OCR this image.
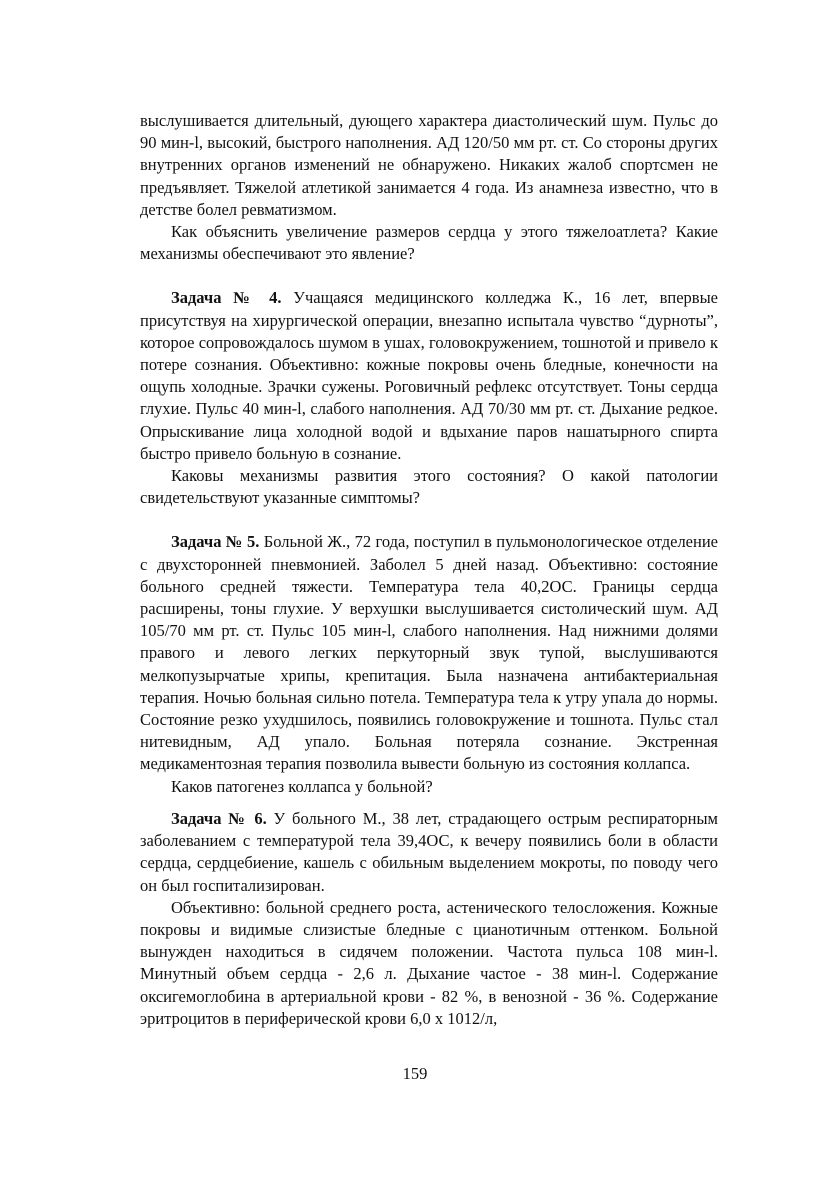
выслушивается длительный, дующего характера диастолический шум. Пульс до 90 мин-l, высокий, быстрого наполнения. АД 120/50 мм рт. ст. Со стороны других внутренних органов изменений не обнаружено. Никаких жалоб спортсмен не предъявляет. Тяжелой атлетикой занимается 4 года. Из анамнеза известно, что в детстве болел ревматизмом.

Как объяснить увеличение размеров сердца у этого тяжелоатлета? Какие механизмы обеспечивают это явление?

Задача № 4. Учащаяся медицинского колледжа К., 16 лет, впервые присутствуя на хирургической операции, внезапно испытала чувство “дурноты”, которое сопровождалось шумом в ушах, головокружением, тошнотой и привело к потере сознания. Объективно: кожные покровы очень бледные, конечности на ощупь холодные. Зрачки сужены. Роговичный рефлекс отсутствует. Тоны сердца глухие. Пульс 40 мин-l, слабого наполнения. АД 70/30 мм рт. ст. Дыхание редкое. Опрыскивание лица холодной водой и вдыхание паров нашатырного спирта быстро привело больную в сознание.

Каковы механизмы развития этого состояния? О какой патологии свидетельствуют указанные симптомы?

Задача № 5. Больной Ж., 72 года, поступил в пульмонологическое отделение с двухсторонней пневмонией. Заболел 5 дней назад. Объективно: состояние больного средней тяжести. Температура тела 40,2ОС. Границы сердца расширены, тоны глухие. У верхушки выслушивается систолический шум. АД 105/70 мм рт. ст. Пульс 105 мин-l, слабого наполнения. Над нижними долями правого и левого легких перкуторный звук тупой, выслушиваются мелкопузырчатые хрипы, крепитация. Была назначена антибактериальная терапия. Ночью больная сильно потела. Температура тела к утру упала до нормы. Состояние резко ухудшилось, появились головокружение и тошнота. Пульс стал нитевидным, АД упало. Больная потеряла сознание. Экстренная медикаментозная терапия позволила вывести больную из состояния коллапса.

Каков патогенез коллапса у больной?

Задача № 6. У больного М., 38 лет, страдающего острым респираторным заболеванием с температурой тела 39,4ОС, к вечеру появились боли в области сердца, сердцебиение, кашель с обильным выделением мокроты, по поводу чего он был госпитализирован.

Объективно: больной среднего роста, астенического телосложения. Кожные покровы и видимые слизистые бледные с цианотичным оттенком. Больной вынужден находиться в сидячем положении. Частота пульса 108 мин-l. Минутный объем сердца - 2,6 л. Дыхание частое - 38 мин-l. Содержание оксигемоглобина в артериальной крови - 82 %, в венозной - 36 %. Содержание эритроцитов в периферической крови 6,0 х 1012/л,

159
